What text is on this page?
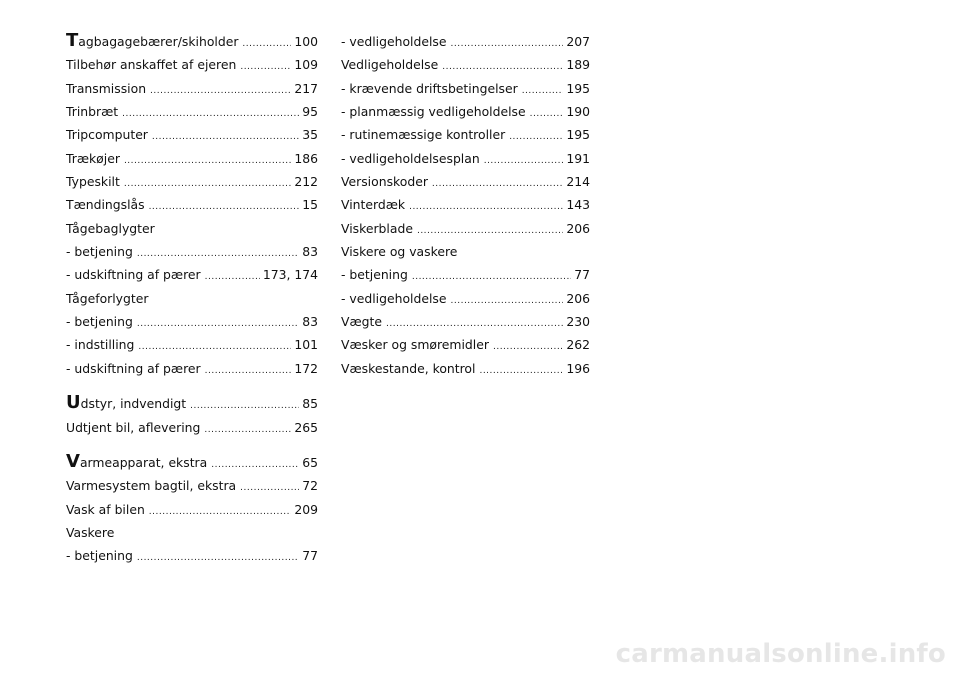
Tagbagagebærer/skiholder .....	100
Tilbehør anskaffet af ejeren .....	109
Transmission .....	217
Trinbræt .....	95
Tripcomputer .....	35
Trækøjer .....	186
Typeskilt .....	212
Tændingslås .....	15
Tågebaglygter
- betjening .....	83
- udskiftning af pærer .....	173, 174
Tågeforlygter
- betjening .....	83
- indstilling .....	101
- udskiftning af pærer .....	172
Udstyr, indvendigt .....	85
Udtjent bil, aflevering .....	265
Varmeapparat, ekstra .....	65
Varmesystem bagtil, ekstra .....	72
Vask af bilen .....	209
Vaskere
- betjening .....	77
- vedligeholdelse .....	207
Vedligeholdelse .....	189
- krævende driftsbetingelser .....	195
- planmæssig vedligeholdelse .....	190
- rutinemæssige kontroller .....	195
- vedligeholdelsesplan .....	191
Versionskoder .....	214
Vinterdæk .....	143
Viskerblade .....	206
Viskere og vaskere
- betjening .....	77
- vedligeholdelse .....	206
Vægte .....	230
Væsker og smøremidler .....	262
Væskestande, kontrol .....	196
carmanualsonline.info
